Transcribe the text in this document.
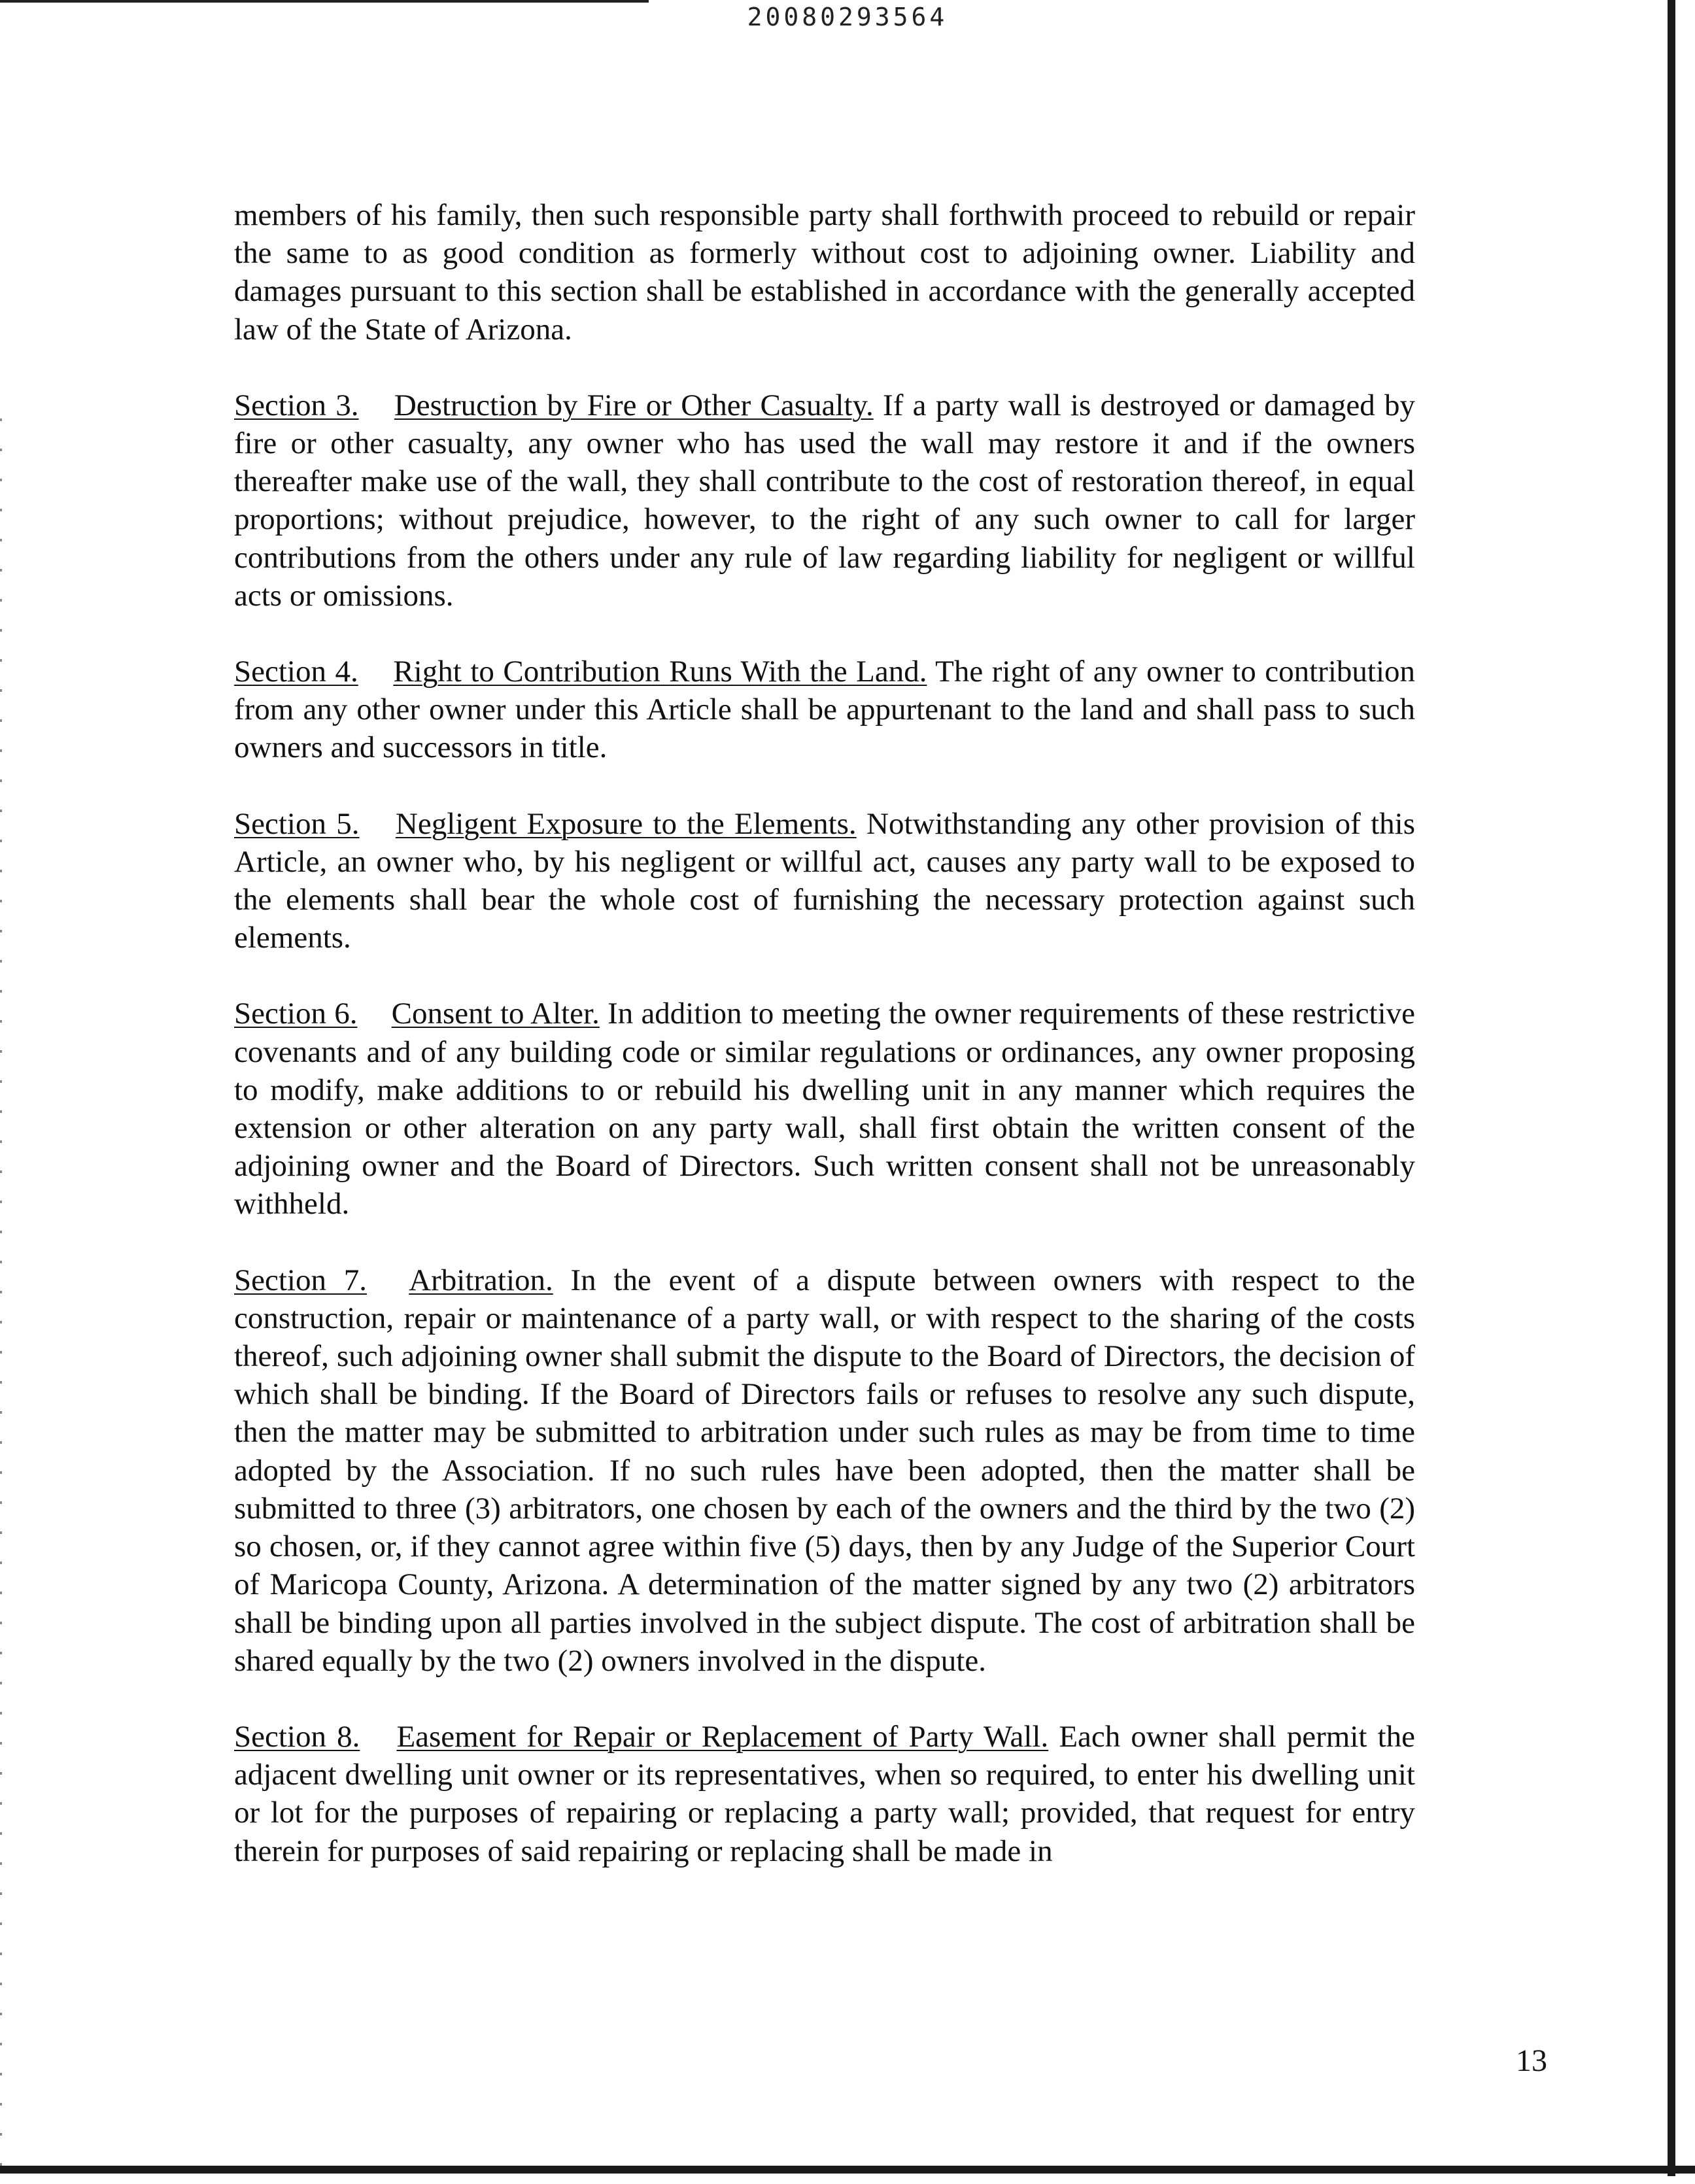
20080293564

members of his family, then such responsible party shall forthwith proceed to rebuild or repair the same to as good condition as formerly without cost to adjoining owner. Liability and damages pursuant to this section shall be established in accordance with the generally accepted law of the State of Arizona.

Section 3. Destruction by Fire or Other Casualty. If a party wall is destroyed or damaged by fire or other casualty, any owner who has used the wall may restore it and if the owners thereafter make use of the wall, they shall contribute to the cost of restoration thereof, in equal proportions; without prejudice, however, to the right of any such owner to call for larger contributions from the others under any rule of law regarding liability for negligent or willful acts or omissions.

Section 4. Right to Contribution Runs With the Land. The right of any owner to contribution from any other owner under this Article shall be appurtenant to the land and shall pass to such owners and successors in title.

Section 5. Negligent Exposure to the Elements. Notwithstanding any other provision of this Article, an owner who, by his negligent or willful act, causes any party wall to be exposed to the elements shall bear the whole cost of furnishing the necessary protection against such elements.

Section 6. Consent to Alter. In addition to meeting the owner requirements of these restrictive covenants and of any building code or similar regulations or ordinances, any owner proposing to modify, make additions to or rebuild his dwelling unit in any manner which requires the extension or other alteration on any party wall, shall first obtain the written consent of the adjoining owner and the Board of Directors. Such written consent shall not be unreasonably withheld.

Section 7. Arbitration. In the event of a dispute between owners with respect to the construction, repair or maintenance of a party wall, or with respect to the sharing of the costs thereof, such adjoining owner shall submit the dispute to the Board of Directors, the decision of which shall be binding. If the Board of Directors fails or refuses to resolve any such dispute, then the matter may be submitted to arbitration under such rules as may be from time to time adopted by the Association. If no such rules have been adopted, then the matter shall be submitted to three (3) arbitrators, one chosen by each of the owners and the third by the two (2) so chosen, or, if they cannot agree within five (5) days, then by any Judge of the Superior Court of Maricopa County, Arizona. A determination of the matter signed by any two (2) arbitrators shall be binding upon all parties involved in the subject dispute. The cost of arbitration shall be shared equally by the two (2) owners involved in the dispute.

Section 8. Easement for Repair or Replacement of Party Wall. Each owner shall permit the adjacent dwelling unit owner or its representatives, when so required, to enter his dwelling unit or lot for the purposes of repairing or replacing a party wall; provided, that request for entry therein for purposes of said repairing or replacing shall be made in

13
